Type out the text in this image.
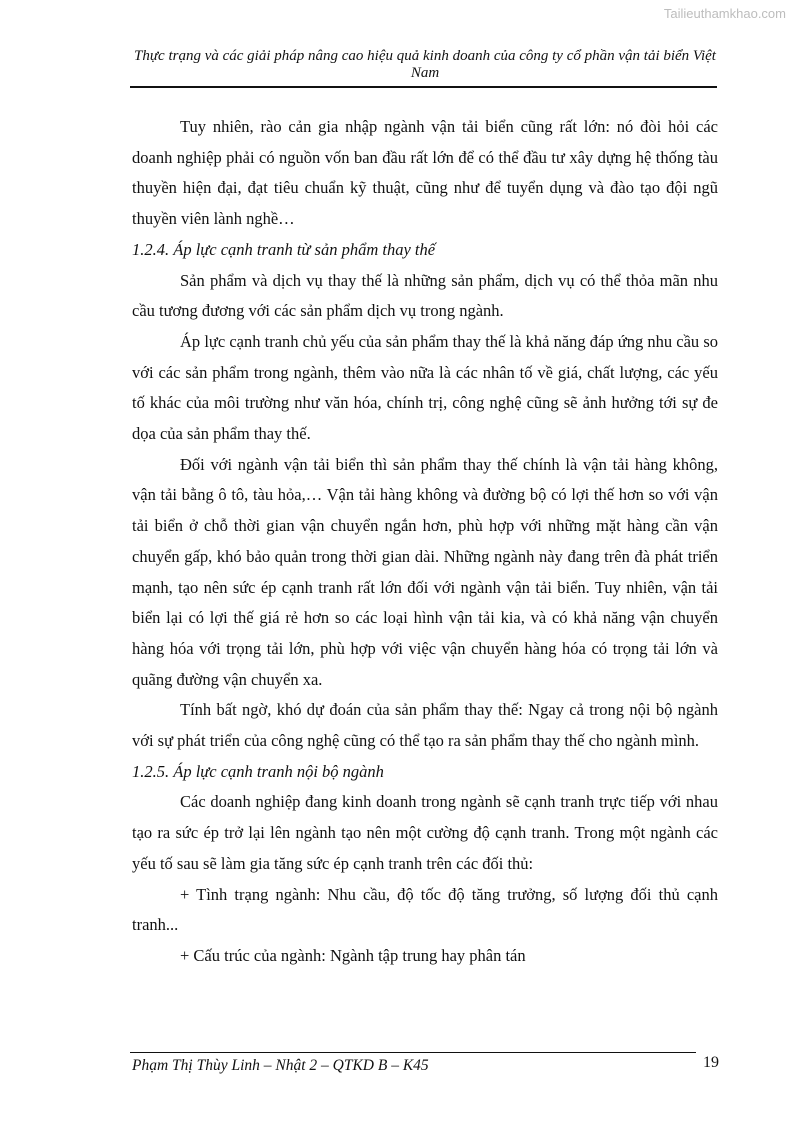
Tailieuthamkhao.com
Thực trạng và các giải pháp nâng cao hiệu quả kinh doanh của công ty cổ phần vận tải biển Việt Nam

Tuy nhiên, rào cản gia nhập ngành vận tải biển cũng rất lớn: nó đòi hỏi các doanh nghiệp phải có nguồn vốn ban đầu rất lớn để có thể đầu tư xây dựng hệ thống tàu thuyền hiện đại, đạt tiêu chuẩn kỹ thuật, cũng như để tuyển dụng và đào tạo đội ngũ thuyền viên lành nghề…

1.2.4. Áp lực cạnh tranh từ sản phẩm thay thế

Sản phẩm và dịch vụ thay thế là những sản phẩm, dịch vụ có thể thỏa mãn nhu cầu tương đương với các sản phẩm dịch vụ trong ngành.

Áp lực cạnh tranh chủ yếu của sản phẩm thay thế là khả năng đáp ứng nhu cầu so với các sản phẩm trong ngành, thêm vào nữa là các nhân tố về giá, chất lượng, các yếu tố khác của môi trường như văn hóa, chính trị, công nghệ cũng sẽ ảnh hưởng tới sự đe dọa của sản phẩm thay thế.

Đối với ngành vận tải biển thì sản phẩm thay thế chính là vận tải hàng không, vận tải bằng ô tô, tàu hỏa,… Vận tải hàng không và đường bộ có lợi thế hơn so với vận tải biển ở chỗ thời gian vận chuyển ngắn hơn, phù hợp với những mặt hàng cần vận chuyển gấp, khó bảo quản trong thời gian dài. Những ngành này đang trên đà phát triển mạnh, tạo nên sức ép cạnh tranh rất lớn đối với ngành vận tải biển. Tuy nhiên, vận tải biển lại có lợi thế giá rẻ hơn so các loại hình vận tải kia, và có khả năng vận chuyển hàng hóa với trọng tải lớn, phù hợp với việc vận chuyển hàng hóa có trọng tải lớn và quãng đường vận chuyển xa.

Tính bất ngờ, khó dự đoán của sản phẩm thay thế: Ngay cả trong nội bộ ngành với sự phát triển của công nghệ cũng có thể tạo ra sản phẩm thay thế cho ngành mình.

1.2.5. Áp lực cạnh tranh nội bộ ngành

Các doanh nghiệp đang kinh doanh trong ngành sẽ cạnh tranh trực tiếp với nhau tạo ra sức ép trở lại lên ngành tạo nên một cường độ cạnh tranh. Trong một ngành các yếu tố sau sẽ làm gia tăng sức ép cạnh tranh trên các đối thủ:

+ Tình trạng ngành: Nhu cầu, độ tốc độ tăng trưởng, số lượng đối thủ cạnh tranh...

+ Cấu trúc của ngành: Ngành tập trung hay phân tán

Phạm Thị Thùy Linh – Nhật 2 – QTKD B – K45	19
